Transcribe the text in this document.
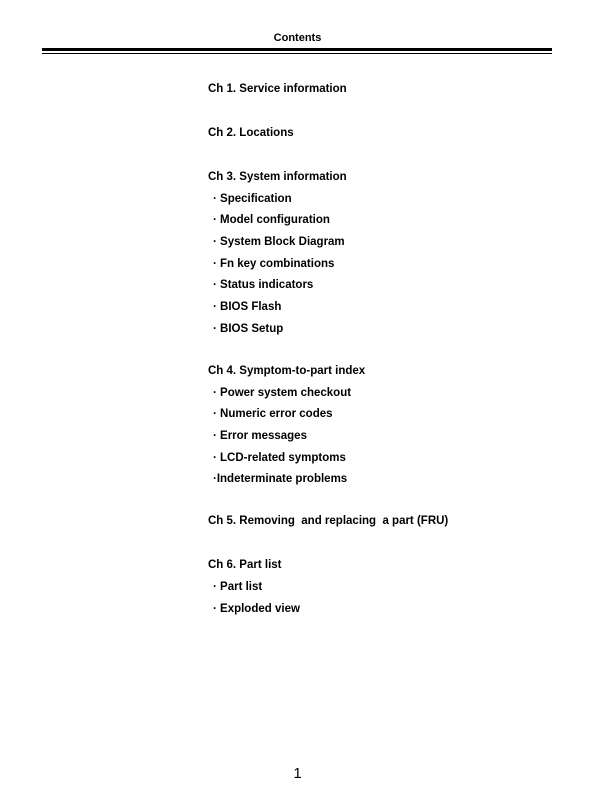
Contents
Ch 1. Service information
Ch 2. Locations
Ch 3. System information
· Specification
· Model configuration
· System Block Diagram
· Fn key combinations
· Status indicators
· BIOS Flash
· BIOS Setup
Ch 4. Symptom-to-part index
· Power system checkout
· Numeric error codes
· Error messages
· LCD-related symptoms
·Indeterminate problems
Ch 5. Removing  and replacing  a part (FRU)
Ch 6. Part list
· Part list
· Exploded view
1
